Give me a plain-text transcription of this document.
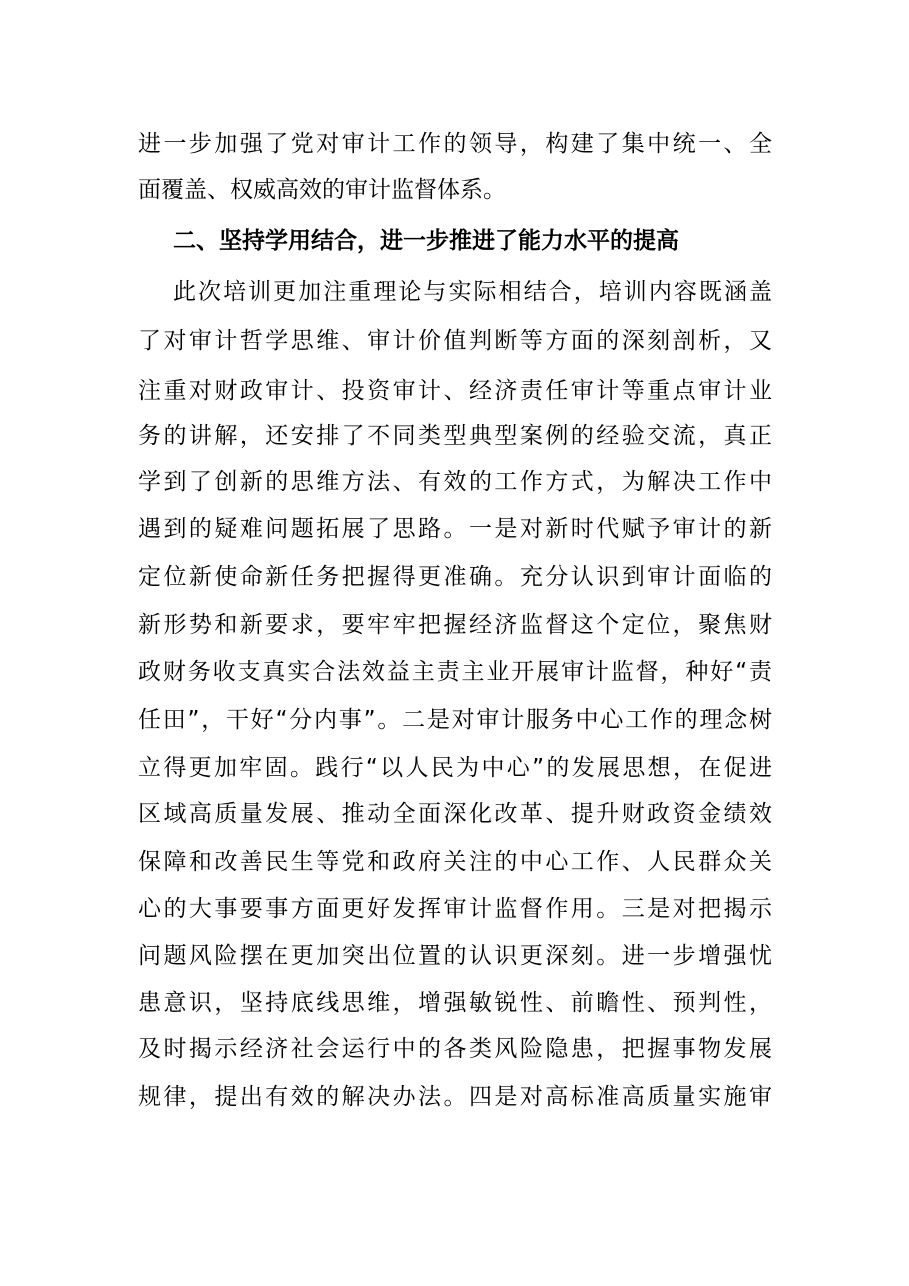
进一步加强了党对审计工作的领导，构建了集中统一、全
面覆盖、权威高效的审计监督体系。
二、坚持学用结合，进一步推进了能力水平的提高
此次培训更加注重理论与实际相结合，培训内容既涵盖
了对审计哲学思维、审计价值判断等方面的深刻剖析，又
注重对财政审计、投资审计、经济责任审计等重点审计业
务的讲解，还安排了不同类型典型案例的经验交流，真正
学到了创新的思维方法、有效的工作方式，为解决工作中
遇到的疑难问题拓展了思路。一是对新时代赋予审计的新
定位新使命新任务把握得更准确。充分认识到审计面临的
新形势和新要求，要牢牢把握经济监督这个定位，聚焦财
政财务收支真实合法效益主责主业开展审计监督，种好“责
任田”，干好“分内事”。二是对审计服务中心工作的理念树
立得更加牢固。践行“以人民为中心”的发展思想，在促进
区域高质量发展、推动全面深化改革、提升财政资金绩效
保障和改善民生等党和政府关注的中心工作、人民群众关
心的大事要事方面更好发挥审计监督作用。三是对把揭示
问题风险摆在更加突出位置的认识更深刻。进一步增强忧
患意识，坚持底线思维，增强敏锐性、前瞻性、预判性，
及时揭示经济社会运行中的各类风险隐患，把握事物发展
规律，提出有效的解决办法。四是对高标准高质量实施审
